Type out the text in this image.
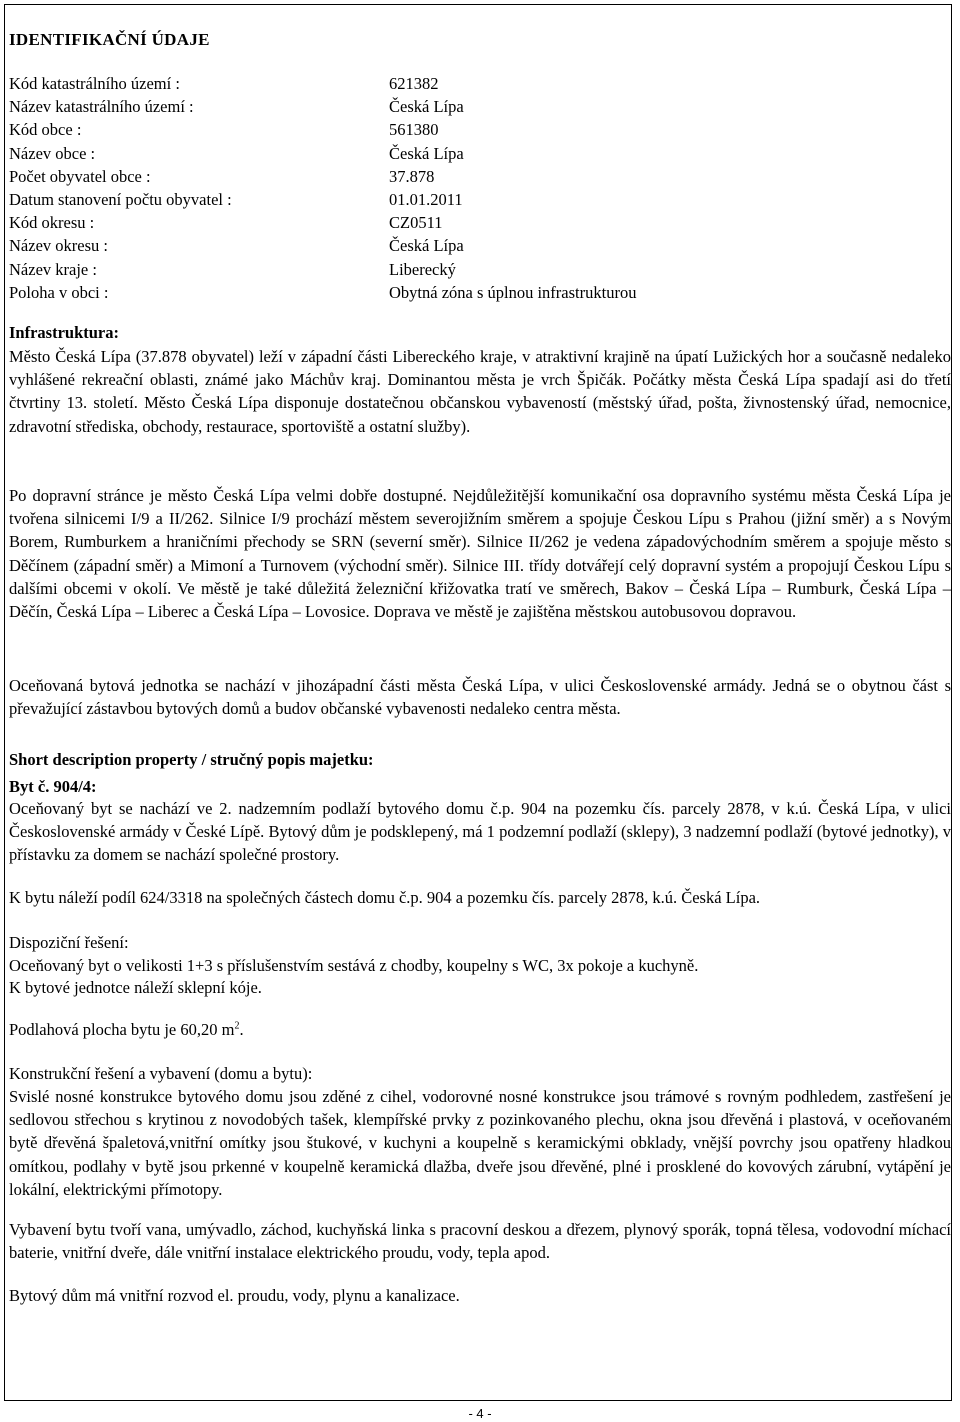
IDENTIFIKAČNÍ ÚDAJE
Kód katastrálního území :	621382
Název katastrálního území :	Česká Lípa
Kód obce :	561380
Název obce :	Česká Lípa
Počet obyvatel obce :	37.878
Datum stanovení počtu obyvatel :	01.01.2011
Kód okresu :	CZ0511
Název okresu :	Česká Lípa
Název kraje :	Liberecký
Poloha v obci :	Obytná zóna s úplnou infrastrukturou
Infrastruktura:
Město Česká Lípa (37.878 obyvatel) leží v západní části Libereckého kraje, v atraktivní krajině na úpatí Lužických hor a současně nedaleko vyhlášené rekreační oblasti, známé jako Máchův kraj. Dominantou města je vrch Špičák. Počátky města Česká Lípa spadají asi do třetí čtvrtiny 13. století. Město Česká Lípa disponuje dostatečnou občanskou vybaveností (městský úřad, pošta, živnostenský úřad, nemocnice, zdravotní střediska, obchody, restaurace, sportoviště a ostatní služby).
Po dopravní stránce je město Česká Lípa velmi dobře dostupné. Nejdůležitější komunikační osa dopravního systému města Česká Lípa je tvořena silnicemi I/9 a II/262. Silnice I/9 prochází městem severojižním směrem a spojuje Českou Lípu s Prahou (jižní směr) a s Novým Borem, Rumburkem a hraničními přechody se SRN (severní směr). Silnice II/262 je vedena západovýchodním směrem a spojuje město s Děčínem (západní směr) a Mimoní a Turnovem (východní směr). Silnice III. třídy dotvářejí celý dopravní systém a propojují Českou Lípu s dalšími obcemi v okolí. Ve městě je také důležitá železniční křižovatka tratí ve směrech, Bakov – Česká Lípa – Rumburk, Česká Lípa – Děčín, Česká Lípa – Liberec a Česká Lípa – Lovosice. Doprava ve městě je zajištěna městskou autobusovou dopravou.
Oceňovaná bytová jednotka se nachází v jihozápadní části města Česká Lípa, v ulici Československé armády. Jedná se o obytnou část s převažující zástavbou bytových domů a budov občanské vybavenosti nedaleko centra města.
Short description property / stručný popis majetku:
Byt č. 904/4:
Oceňovaný byt se nachází ve 2. nadzemním podlaží bytového domu č.p. 904 na pozemku čís. parcely 2878, v k.ú. Česká Lípa, v ulici Československé armády v České Lípě. Bytový dům je podsklepený, má 1 podzemní podlaží (sklepy), 3 nadzemní podlaží (bytové jednotky), v přístavku za domem se nachází společné prostory.
K bytu náleží podíl 624/3318 na společných částech domu č.p. 904 a pozemku čís. parcely 2878, k.ú. Česká Lípa.
Dispoziční řešení:
Oceňovaný byt o velikosti 1+3 s příslušenstvím sestává z chodby, koupelny s WC, 3x pokoje a kuchyně.
K bytové jednotce náleží sklepní kóje.
Podlahová plocha bytu je 60,20 $m^2$.
Konstrukční řešení a vybavení (domu a bytu):
Svislé nosné konstrukce bytového domu jsou zděné z cihel, vodorovné nosné konstrukce jsou trámové s rovným podhledem, zastřešení je sedlovou střechou s krytinou z novodobých tašek, klempířské prvky z pozinkovaného plechu, okna jsou dřevěná i plastová, v oceňovaném bytě dřevěná špaletová,vnitřní omítky jsou štukové, v kuchyni a koupelně s keramickými obklady, vnější povrchy jsou opatřeny hladkou omítkou, podlahy v bytě jsou prkenné v koupelně keramická dlažba, dveře jsou dřevěné, plné i prosklené do kovových zárubní, vytápění je lokální, elektrickými přímotopy.
Vybavení bytu tvoří vana, umývadlo, záchod, kuchyňská linka s pracovní deskou a dřezem, plynový sporák, topná tělesa, vodovodní míchací baterie, vnitřní dveře, dále vnitřní instalace elektrického proudu, vody, tepla apod.
Bytový dům má vnitřní rozvod el. proudu, vody, plynu a kanalizace.
- 4 -
